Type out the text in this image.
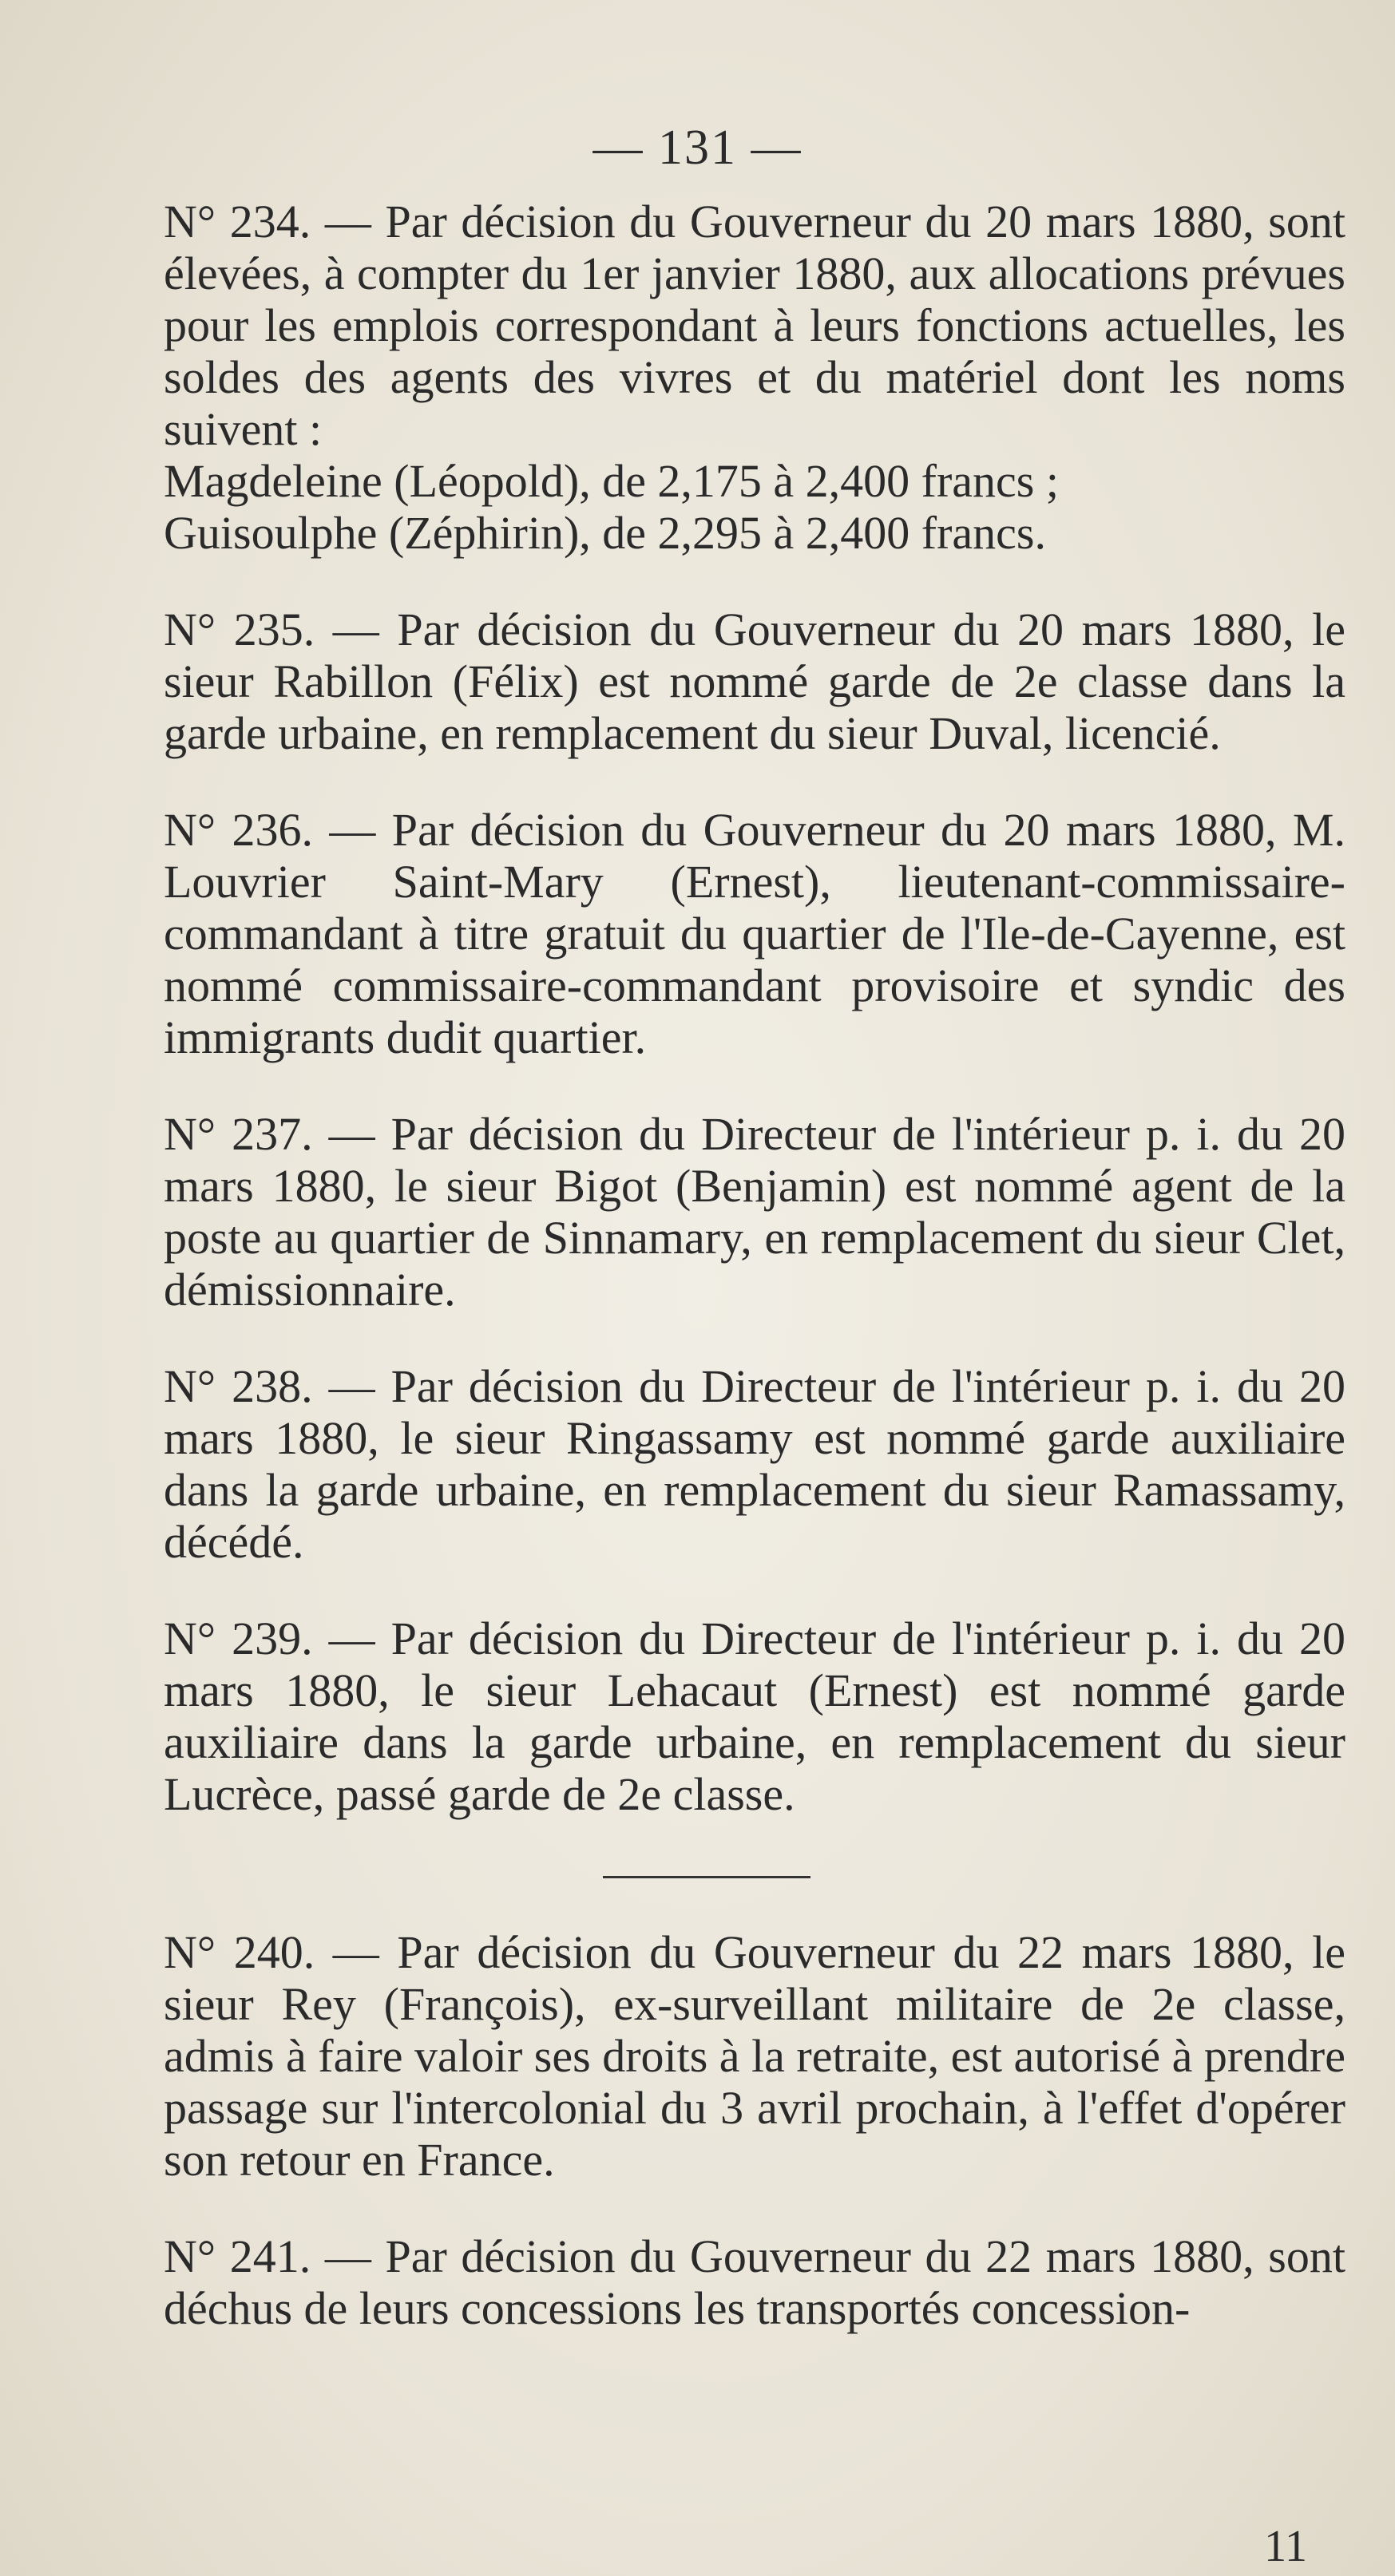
— 131 —

N° 234. — Par décision du Gouverneur du 20 mars 1880, sont élevées, à compter du 1er janvier 1880, aux allocations prévues pour les emplois correspondant à leurs fonctions actuelles, les soldes des agents des vivres et du matériel dont les noms suivent :

Magdeleine (Léopold), de 2,175 à 2,400 francs ;

Guisoulphe (Zéphirin), de 2,295 à 2,400 francs.

N° 235. — Par décision du Gouverneur du 20 mars 1880, le sieur Rabillon (Félix) est nommé garde de 2e classe dans la garde urbaine, en remplacement du sieur Duval, licencié.

N° 236. — Par décision du Gouverneur du 20 mars 1880, M. Louvrier Saint-Mary (Ernest), lieutenant-commissaire-commandant à titre gratuit du quartier de l'Ile-de-Cayenne, est nommé commissaire-commandant provisoire et syndic des immigrants dudit quartier.

N° 237. — Par décision du Directeur de l'intérieur p. i. du 20 mars 1880, le sieur Bigot (Benjamin) est nommé agent de la poste au quartier de Sinnamary, en remplacement du sieur Clet, démissionnaire.

N° 238. — Par décision du Directeur de l'intérieur p. i. du 20 mars 1880, le sieur Ringassamy est nommé garde auxiliaire dans la garde urbaine, en remplacement du sieur Ramassamy, décédé.

N° 239. — Par décision du Directeur de l'intérieur p. i. du 20 mars 1880, le sieur Lehacaut (Ernest) est nommé garde auxiliaire dans la garde urbaine, en remplacement du sieur Lucrèce, passé garde de 2e classe.

N° 240. — Par décision du Gouverneur du 22 mars 1880, le sieur Rey (François), ex-surveillant militaire de 2e classe, admis à faire valoir ses droits à la retraite, est autorisé à prendre passage sur l'intercolonial du 3 avril prochain, à l'effet d'opérer son retour en France.

N° 241. — Par décision du Gouverneur du 22 mars 1880, sont déchus de leurs concessions les transportés concession-

11
